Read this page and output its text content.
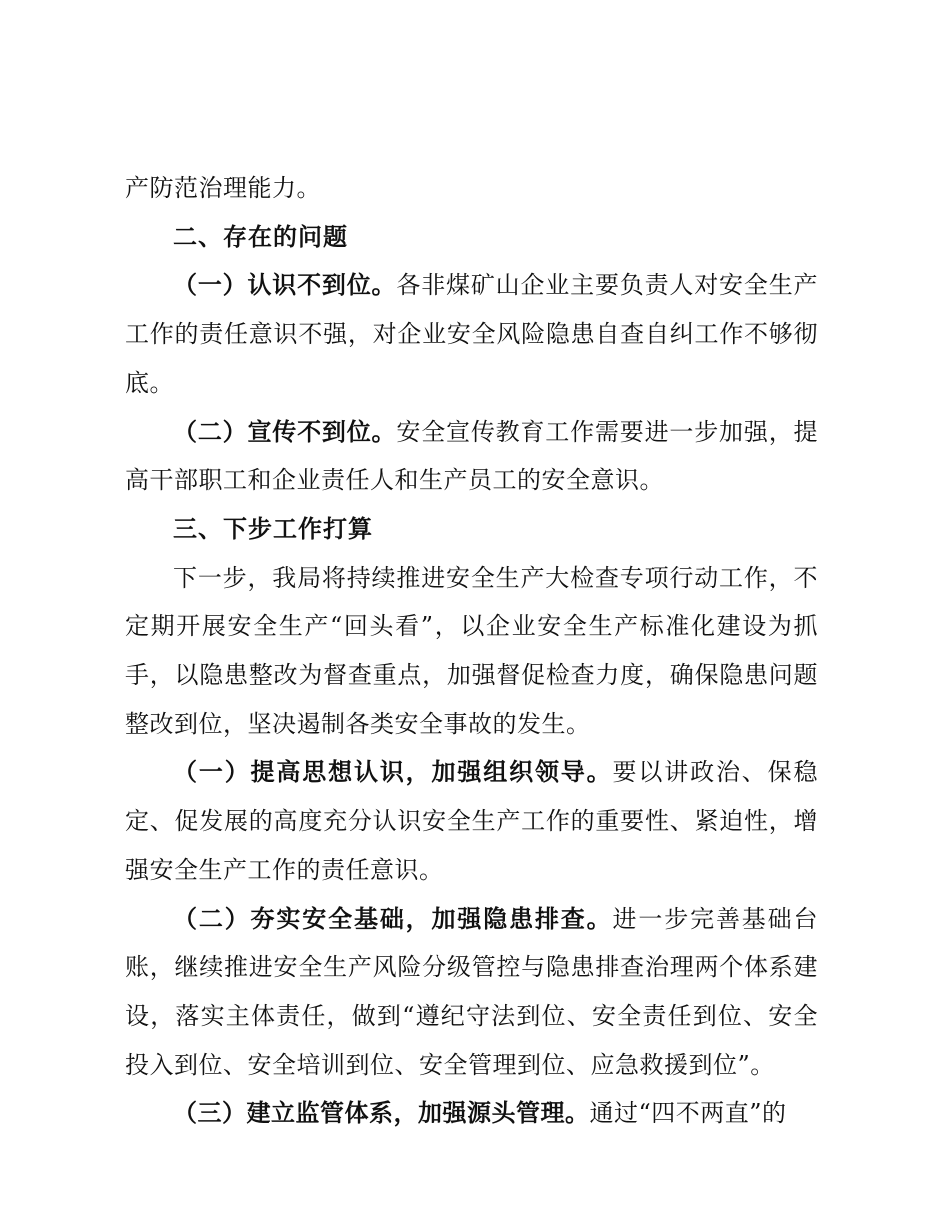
产防范治理能力。

二、存在的问题

（一）认识不到位。各非煤矿山企业主要负责人对安全生产工作的责任意识不强，对企业安全风险隐患自查自纠工作不够彻底。

（二）宣传不到位。安全宣传教育工作需要进一步加强，提高干部职工和企业责任人和生产员工的安全意识。

三、下步工作打算

下一步，我局将持续推进安全生产大检查专项行动工作，不定期开展安全生产“回头看”，以企业安全生产标准化建设为抓手，以隐患整改为督查重点，加强督促检查力度，确保隐患问题整改到位，坚决遏制各类安全事故的发生。

（一）提高思想认识，加强组织领导。要以讲政治、保稳定、促发展的高度充分认识安全生产工作的重要性、紧迫性，增强安全生产工作的责任意识。

（二）夯实安全基础，加强隐患排查。进一步完善基础台账，继续推进安全生产风险分级管控与隐患排查治理两个体系建设，落实主体责任，做到“遵纪守法到位、安全责任到位、安全投入到位、安全培训到位、安全管理到位、应急救援到位”。

（三）建立监管体系，加强源头管理。通过“四不两直”的
